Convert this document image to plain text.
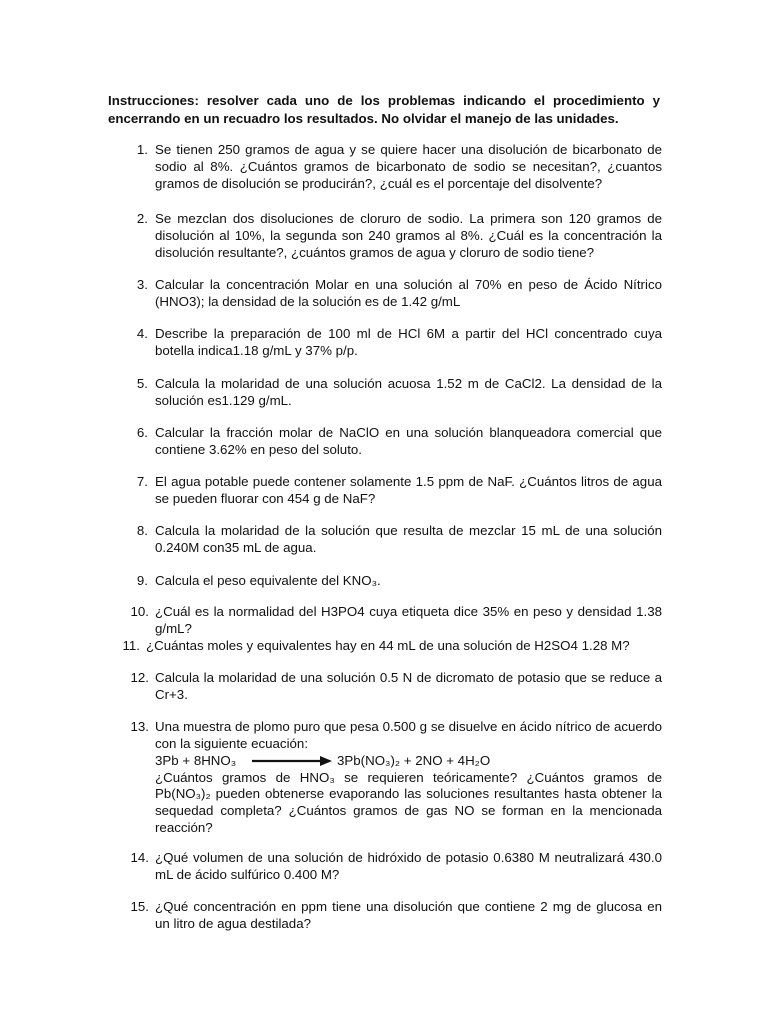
Instrucciones: resolver cada uno de los problemas indicando el procedimiento y encerrando en un recuadro los resultados. No olvidar el manejo de las unidades.
1. Se tienen 250 gramos de agua y se quiere hacer una disolución de bicarbonato de sodio al 8%. ¿Cuántos gramos de bicarbonato de sodio se necesitan?, ¿cuantos gramos de disolución se producirán?, ¿cuál es el porcentaje del disolvente?
2. Se mezclan dos disoluciones de cloruro de sodio. La primera son 120 gramos de disolución al 10%, la segunda son 240 gramos al 8%. ¿Cuál es la concentración la disolución resultante?, ¿cuántos gramos de agua y cloruro de sodio tiene?
3. Calcular la concentración Molar en una solución al 70% en peso de Ácido Nítrico (HNO3); la densidad de la solución es de 1.42 g/mL
4. Describe la preparación de 100 ml de HCl 6M a partir del HCl concentrado cuya botella indica1.18 g/mL y 37% p/p.
5. Calcula la molaridad de una solución acuosa 1.52 m de CaCl2. La densidad de la solución es1.129 g/mL.
6. Calcular la fracción molar de NaClO en una solución blanqueadora comercial que contiene 3.62% en peso del soluto.
7. El agua potable puede contener solamente 1.5 ppm de NaF. ¿Cuántos litros de agua se pueden fluorar con 454 g de NaF?
8. Calcula la molaridad de la solución que resulta de mezclar 15 mL de una solución 0.240M con35 mL de agua.
9. Calcula el peso equivalente del KNO₃.
10. ¿Cuál es la normalidad del H3PO4 cuya etiqueta dice 35% en peso y densidad 1.38 g/mL?
11. ¿Cuántas moles y equivalentes hay en 44 mL de una solución de H2SO4 1.28 M?
12. Calcula la molaridad de una solución 0.5 N de dicromato de potasio que se reduce a Cr+3.
13. Una muestra de plomo puro que pesa 0.500 g se disuelve en ácido nítrico de acuerdo con la siguiente ecuación:
3Pb + 8HNO₃	3Pb(NO₃)₂ + 2NO + 4H₂O
¿Cuántos gramos de HNO₃ se requieren teóricamente? ¿Cuántos gramos de Pb(NO₃)₂ pueden obtenerse evaporando las soluciones resultantes hasta obtener la sequedad completa? ¿Cuántos gramos de gas NO se forman en la mencionada reacción?
14. ¿Qué volumen de una solución de hidróxido de potasio 0.6380 M neutralizará 430.0 mL de ácido sulfúrico 0.400 M?
15. ¿Qué concentración en ppm tiene una disolución que contiene 2 mg de glucosa en un litro de agua destilada?
